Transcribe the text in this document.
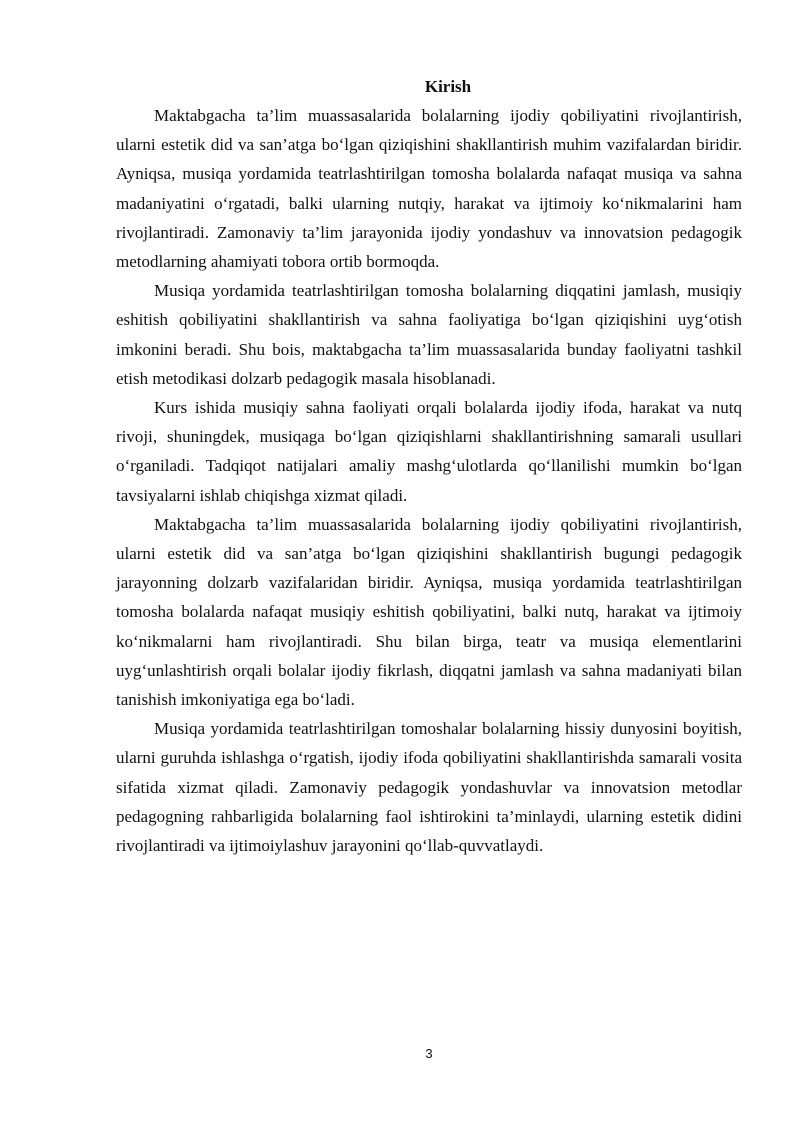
Kirish

Maktabgacha ta’lim muassasalarida bolalarning ijodiy qobiliyatini rivojlantirish, ularni estetik did va san’atga bo‘lgan qiziqishini shakllantirish muhim vazifalardan biridir. Ayniqsa, musiqa yordamida teatrlashtirilgan tomosha bolalarda nafaqat musiqa va sahna madaniyatini o‘rgatadi, balki ularning nutqiy, harakat va ijtimoiy ko‘nikmalarini ham rivojlantiradi. Zamonaviy ta’lim jarayonida ijodiy yondashuv va innovatsion pedagogik metodlarning ahamiyati tobora ortib bormoqda.

Musiqa yordamida teatrlashtirilgan tomosha bolalarning diqqatini jamlash, musiqiy eshitish qobiliyatini shakllantirish va sahna faoliyatiga bo‘lgan qiziqishini uyg‘otish imkonini beradi. Shu bois, maktabgacha ta’lim muassasalarida bunday faoliyatni tashkil etish metodikasi dolzarb pedagogik masala hisoblanadi.

Kurs ishida musiqiy sahna faoliyati orqali bolalarda ijodiy ifoda, harakat va nutq rivoji, shuningdek, musiqaga bo‘lgan qiziqishlarni shakllantirishning samarali usullari o‘rganiladi. Tadqiqot natijalari amaliy mashg‘ulotlarda qo‘llanilishi mumkin bo‘lgan tavsiyalarni ishlab chiqishga xizmat qiladi.

Maktabgacha ta’lim muassasalarida bolalarning ijodiy qobiliyatini rivojlantirish, ularni estetik did va san’atga bo‘lgan qiziqishini shakllantirish bugungi pedagogik jarayonning dolzarb vazifalaridan biridir. Ayniqsa, musiqa yordamida teatrlashtirilgan tomosha bolalarda nafaqat musiqiy eshitish qobiliyatini, balki nutq, harakat va ijtimoiy ko‘nikmalarni ham rivojlantiradi. Shu bilan birga, teatr va musiqa elementlarini uyg‘unlashtirish orqali bolalar ijodiy fikrlash, diqqatni jamlash va sahna madaniyati bilan tanishish imkoniyatiga ega bo‘ladi.

Musiqa yordamida teatrlashtirilgan tomoshalar bolalarning hissiy dunyosini boyitish, ularni guruhda ishlashga o‘rgatish, ijodiy ifoda qobiliyatini shakllantirishda samarali vosita sifatida xizmat qiladi. Zamonaviy pedagogik yondashuvlar va innovatsion metodlar pedagogning rahbarligida bolalarning faol ishtirokini ta’minlaydi, ularning estetik didini rivojlantiradi va ijtimoiylashuv jarayonini qo‘llab-quvvatlaydi.

3
